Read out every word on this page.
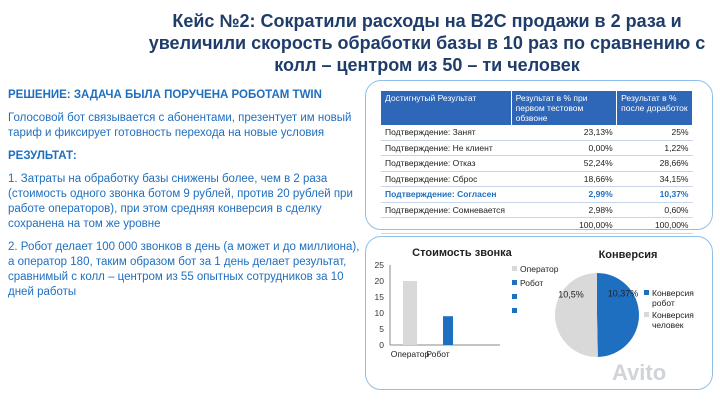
Кейс №2: Сократили расходы на B2C продажи в 2 раза и увеличили скорость обработки базы в 10 раз по сравнению с колл – центром из 50 – ти человек

РЕШЕНИЕ: ЗАДАЧА БЫЛА ПОРУЧЕНА РОБОТАМ TWIN

Голосовой бот связывается с абонентами, презентует им новый тариф и фиксирует готовность перехода на новые условия

РЕЗУЛЬТАТ:

1. Затраты на обработку базы снижены более, чем в 2 раза (стоимость одного звонка ботом 9 рублей, против 20 рублей при работе операторов), при этом средняя конверсия в сделку сохранена на том же уровне

2. Робот делает 100 000 звонков в день (а может и до миллиона), а оператор 180, таким образом бот за 1 день делает результат, сравнимый с колл – центром из 55 опытных сотрудников за 10 дней работы

Достигнутый Результат	Результат в % при первом тестовом обзвоне	Результат в % после доработок
Подтверждение: Занят	23,13%	25%
Подтверждение: Не клиент	0,00%	1,22%
Подтверждение: Отказ	52,24%	28,66%
Подтверждение: Сброс	18,66%	34,15%
Подтверждение: Согласен	2,99%	10,37%
Подтверждение: Сомневается	2,98%	0,60%
	100,00%	100,00%
Стоимость звонка
0
5
10
15
20
25
Оператор
Робот
Оператор
Робот
Конверсия
10,37%
10,5%	Конверсия
робот
Конверсия
человек
Avito
